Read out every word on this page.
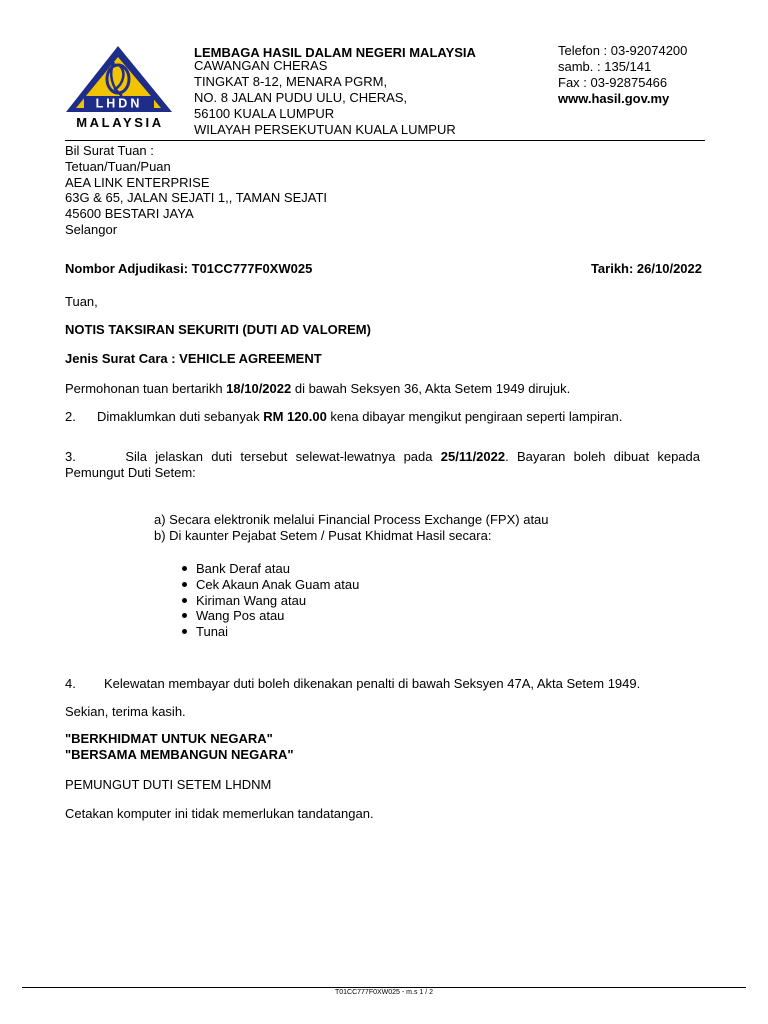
LHDN
MALAYSIA
LEMBAGA HASIL DALAM NEGERI MALAYSIA
CAWANGAN CHERAS
TINGKAT 8-12, MENARA PGRM,
NO. 8 JALAN PUDU ULU, CHERAS,
56100 KUALA LUMPUR
WILAYAH PERSEKUTUAN KUALA LUMPUR
Telefon : 03-92074200
samb. : 135/141
Fax : 03-92875466
www.hasil.gov.my
Bil Surat Tuan :
Tetuan/Tuan/Puan
AEA LINK ENTERPRISE
63G & 65, JALAN SEJATI 1,, TAMAN SEJATI
45600 BESTARI JAYA
Selangor
Nombor Adjudikasi: T01CC777F0XW025	Tarikh: 26/10/2022
Tuan,
NOTIS TAKSIRAN SEKURITI (DUTI AD VALOREM)
Jenis Surat Cara : VEHICLE AGREEMENT
Permohonan tuan bertarikh 18/10/2022 di bawah Seksyen 36, Akta Setem 1949 dirujuk.
2. Dimaklumkan duti sebanyak RM 120.00 kena dibayar mengikut pengiraan seperti lampiran.
3.	Sila jelaskan duti tersebut selewat-lewatnya pada 25/11/2022. Bayaran boleh dibuat kepada
Pemungut Duti Setem:
a) Secara elektronik melalui Financial Process Exchange (FPX) atau
b) Di kaunter Pejabat Setem / Pusat Khidmat Hasil secara:
Bank Deraf atau
Cek Akaun Anak Guam atau
Kiriman Wang atau
Wang Pos atau
Tunai
4. Kelewatan membayar duti boleh dikenakan penalti di bawah Seksyen 47A, Akta Setem 1949.
Sekian, terima kasih.
"BERKHIDMAT UNTUK NEGARA"
"BERSAMA MEMBANGUN NEGARA"
PEMUNGUT DUTI SETEM LHDNM
Cetakan komputer ini tidak memerlukan tandatangan.
T01CC777F0XW025 - m.s 1 / 2
